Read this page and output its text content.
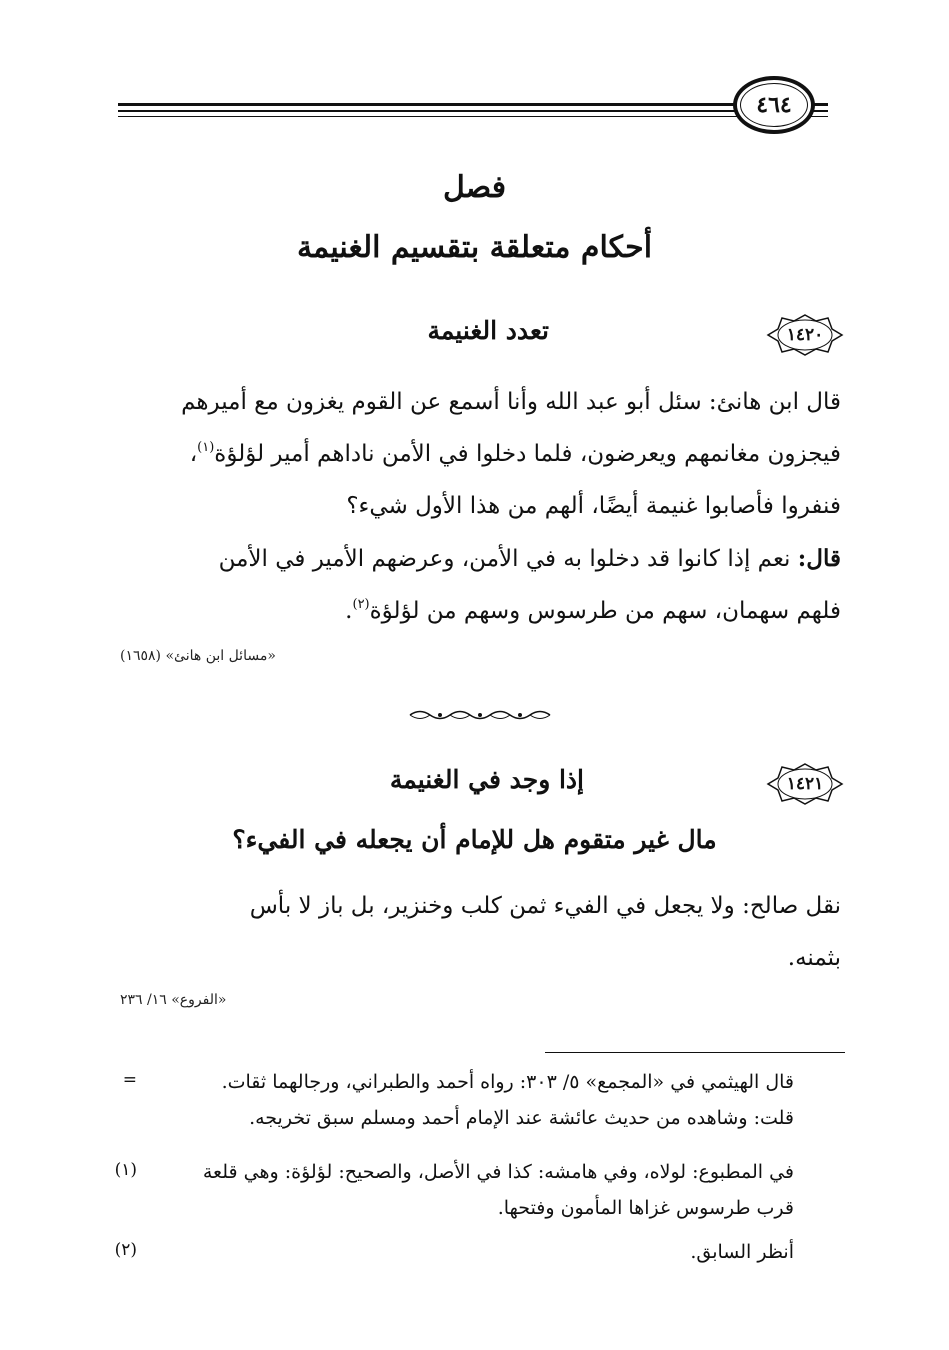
٤٦٤
فصل
أحكام متعلقة بتقسيم الغنيمة
١٤٢٠
تعدد الغنيمة
قال ابن هانئ: سئل أبو عبد الله وأنا أسمع عن القوم يغزون مع أميرهم
فيجزون مغانمهم ويعرضون، فلما دخلوا في الأمن ناداهم أمير لؤلؤة$^{(١)}$،
فنفروا فأصابوا غنيمة أيضًا، ألهم من هذا الأول شيء؟
قال: نعم إذا كانوا قد دخلوا به في الأمن، وعرضهم الأمير في الأمن
فلهم سهمان، سهم من طرسوس وسهم من لؤلؤة$^{(٢)}$.
«مسائل ابن هانئ» (١٦٥٨)
١٤٢١
إذا وجد في الغنيمة
مال غير متقوم هل للإمام أن يجعله في الفيء؟
نقل صالح: ولا يجعل في الفيء ثمن كلب وخنزير، بل باز لا بأس
بثمنه.
«الفروع» ١٦/ ٢٣٦
=	قال الهيثمي في «المجمع» ٥/ ٣٠٣: رواه أحمد والطبراني، ورجالهما ثقات.
قلت: وشاهده من حديث عائشة عند الإمام أحمد ومسلم سبق تخريجه.
(١)	في المطبوع: لولاه، وفي هامشه: كذا في الأصل، والصحيح: لؤلؤة: وهي قلعة
قرب طرسوس غزاها المأمون وفتحها.
(٢)	أنظر السابق.
